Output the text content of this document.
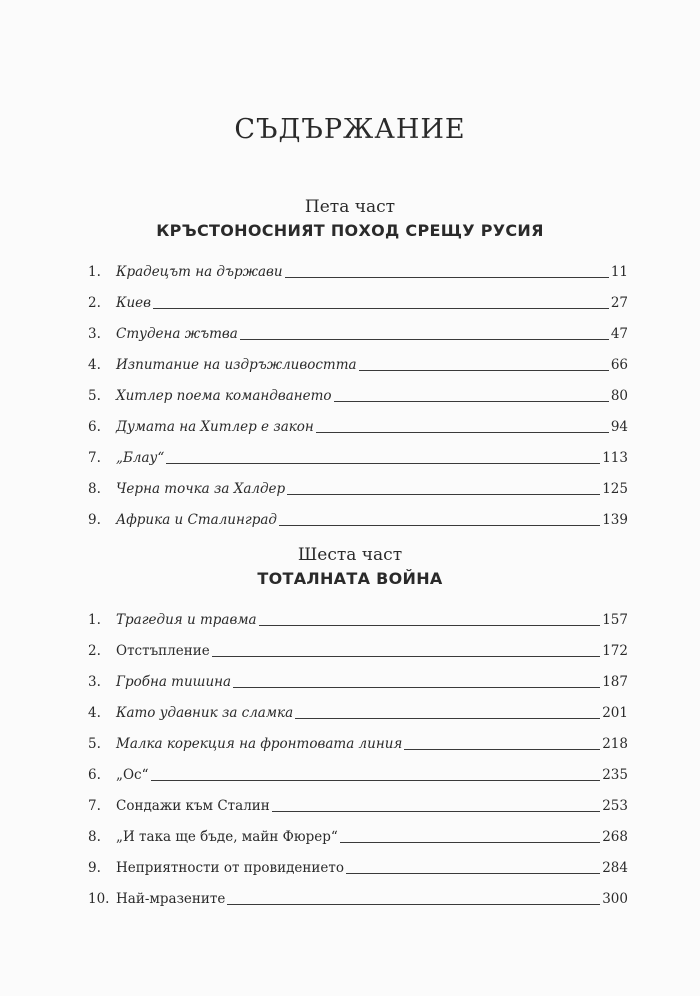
СЪДЪРЖАНИЕ
Пета част
КРЪСТОНОСНИЯТ ПОХОД СРЕЩУ РУСИЯ
1.	Крадецът на държави	11
2.	Киев	27
3.	Студена жътва	47
4.	Изпитание на издръжливостта	66
5.	Хитлер поема командването	80
6.	Думата на Хитлер е закон	94
7.	„Блау“	113
8.	Черна точка за Халдер	125
9.	Африка и Сталинград	139
Шеста част
ТОТАЛНАТА ВОЙНА
1.	Трагедия и травма	157
2.	Отстъпление	172
3.	Гробна тишина	187
4.	Като удавник за сламка	201
5.	Малка корекция на фронтовата линия	218
6.	„Ос“	235
7.	Сондажи към Сталин	253
8.	„И така ще бъде, майн Фюрер“	268
9.	Неприятности от провидението	284
10. Най-мразените	300
